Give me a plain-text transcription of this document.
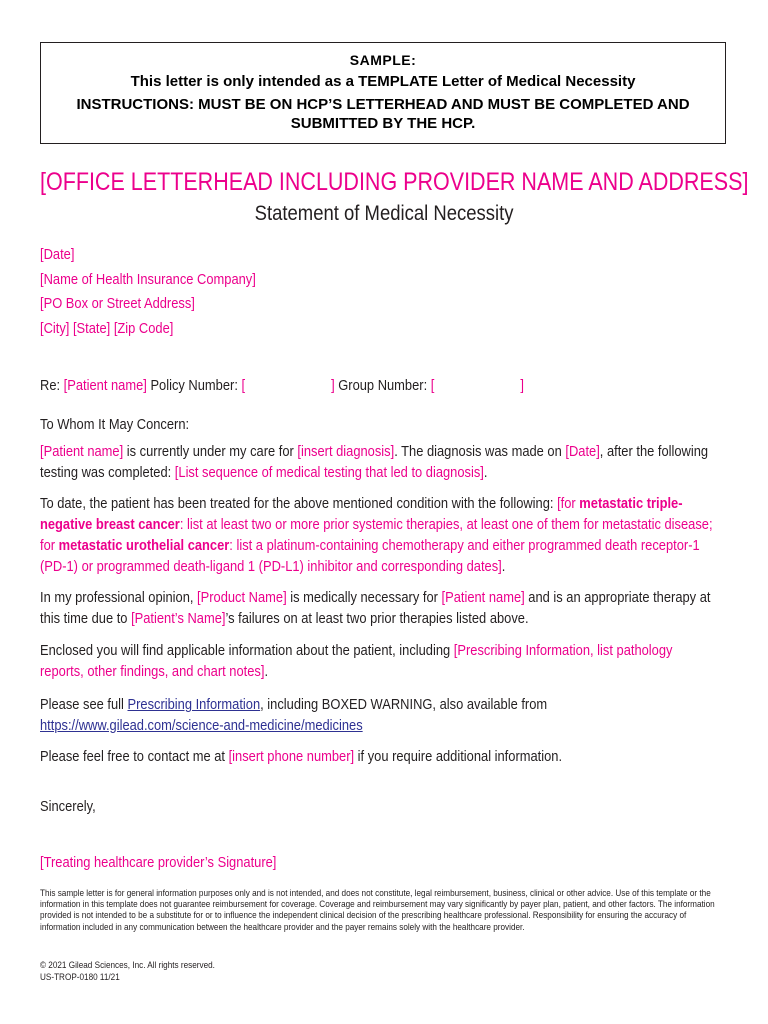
SAMPLE:
This letter is only intended as a TEMPLATE Letter of Medical Necessity
INSTRUCTIONS: MUST BE ON HCP’S LETTERHEAD AND MUST BE COMPLETED AND SUBMITTED BY THE HCP.
[OFFICE LETTERHEAD INCLUDING PROVIDER NAME AND ADDRESS]
Statement of Medical Necessity
[Date]
[Name of Health Insurance Company]
[PO Box or Street Address]
[City] [State] [Zip Code]
Re: [Patient name] Policy Number: [	] Group Number: [	]
To Whom It May Concern:
[Patient name] is currently under my care for [insert diagnosis]. The diagnosis was made on [Date], after the following testing was completed: [List sequence of medical testing that led to diagnosis].
To date, the patient has been treated for the above mentioned condition with the following: [for metastatic triple-negative breast cancer: list at least two or more prior systemic therapies, at least one of them for metastatic disease; for metastatic urothelial cancer: list a platinum-containing chemotherapy and either programmed death receptor-1 (PD-1) or programmed death-ligand 1 (PD-L1) inhibitor and corresponding dates].
In my professional opinion, [Product Name] is medically necessary for [Patient name] and is an appropriate therapy at this time due to [Patient’s Name]’s failures on at least two prior therapies listed above.
Enclosed you will find applicable information about the patient, including [Prescribing Information, list pathology reports, other findings, and chart notes].
Please see full Prescribing Information, including BOXED WARNING, also available from https://www.gilead.com/science-and-medicine/medicines
Please feel free to contact me at [insert phone number] if you require additional information.
Sincerely,
[Treating healthcare provider’s Signature]
This sample letter is for general information purposes only and is not intended, and does not constitute, legal reimbursement, business, clinical or other advice. Use of this template or the information in this template does not guarantee reimbursement for coverage. Coverage and reimbursement may vary significantly by payer plan, patient, and other factors. The information provided is not intended to be a substitute for or to influence the independent clinical decision of the prescribing healthcare professional. Responsibility for ensuring the accuracy of information included in any communication between the healthcare provider and the payer remains solely with the healthcare provider.
© 2021 Gilead Sciences, Inc. All rights reserved.
US-TROP-0180 11/21
